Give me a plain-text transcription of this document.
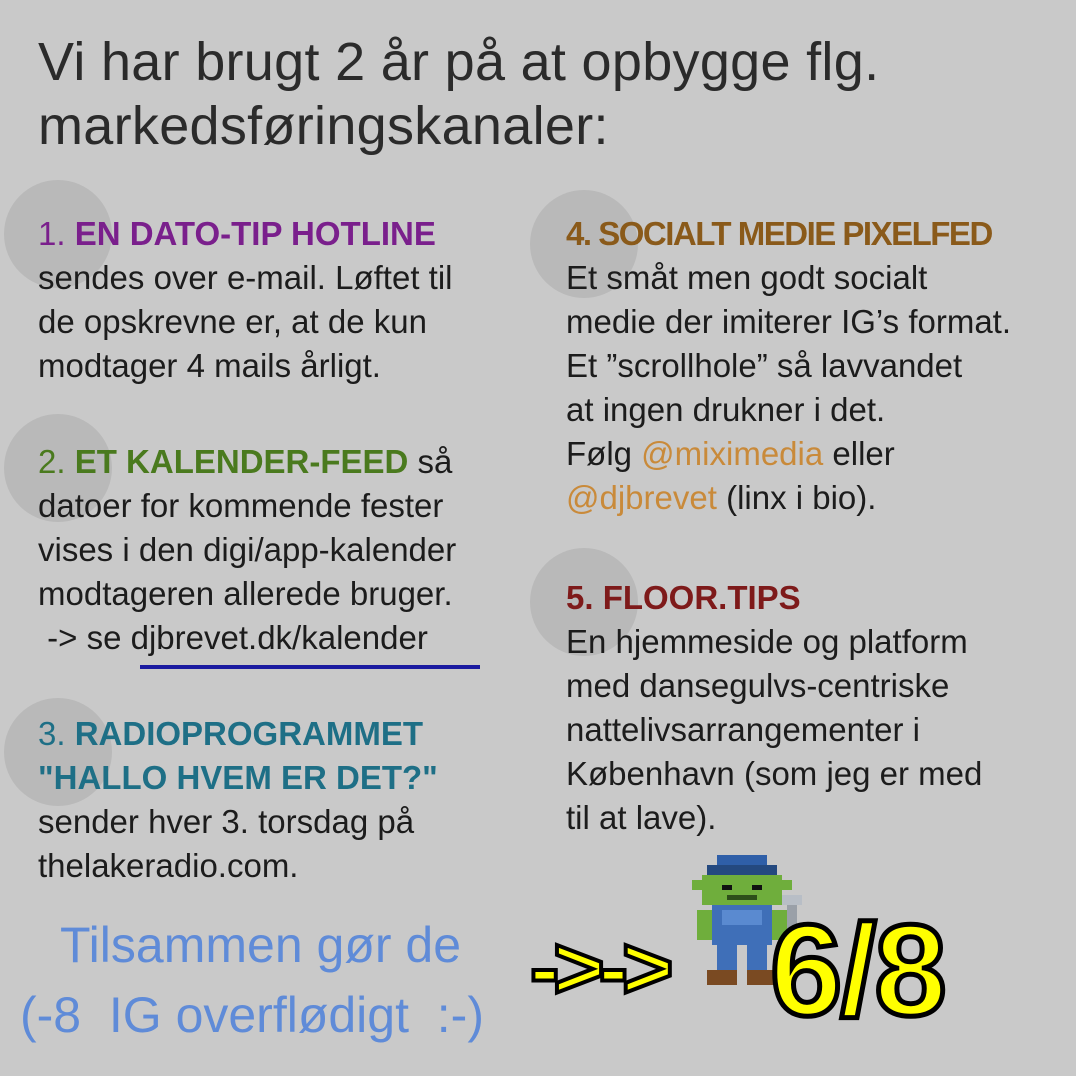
Vi har brugt 2 år på at opbygge flg.
markedsføringskanaler:
1. EN DATO-TIP HOTLINE
sendes over e-mail. Løftet til
de opskrevne er, at de kun
modtager 4 mails årligt.
2. ET KALENDER-FEED så
datoer for kommende fester
vises i den digi/app-kalender
modtageren allerede bruger.
-> se djbrevet.dk/kalender
3. RADIOPROGRAMMET
"HALLO HVEM ER DET?"
sender hver 3. torsdag på
thelakeradio.com.
4. SOCIALT MEDIE PIXELFED
Et småt men godt socialt
medie der imiterer IG’s format.
Et ”scrollhole” så lavvandet
at ingen drukner i det.
Følg @miximedia eller
@djbrevet (linx i bio).
5. FLOOR.TIPS
En hjemmeside og platform
med dansegulvs-centriske
nattelivsarrangementer i
København (som jeg er med
til at lave).
Tilsammen gør de
(-8  IG overflødigt  :-) ->-> 6/8
